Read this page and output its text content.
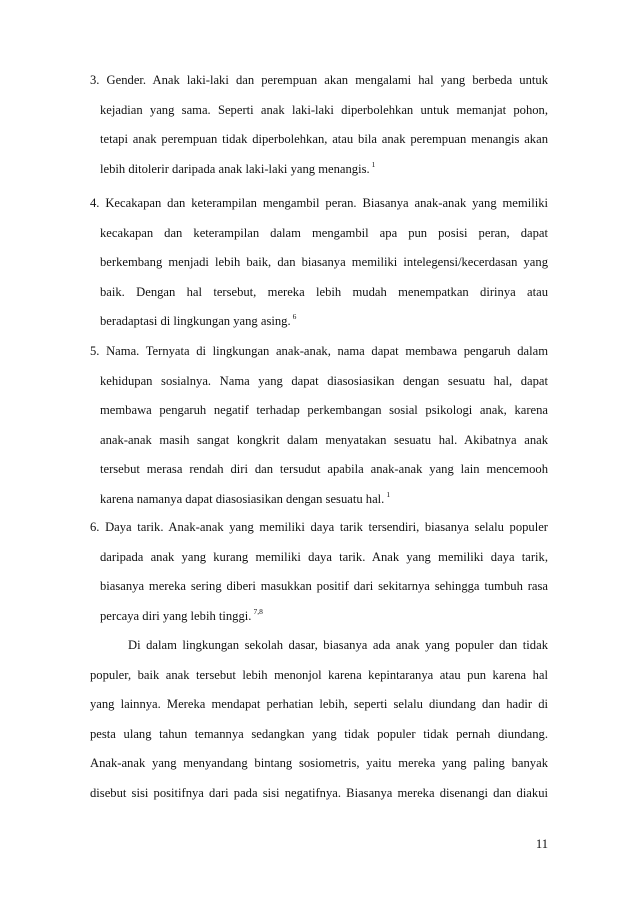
3. Gender. Anak laki-laki dan perempuan akan mengalami hal yang berbeda untuk
kejadian yang sama. Seperti anak laki-laki diperbolehkan untuk memanjat pohon,
tetapi anak perempuan tidak diperbolehkan, atau bila anak perempuan menangis akan
lebih ditolerir daripada anak laki-laki yang menangis. $^1$
4. Kecakapan dan keterampilan mengambil peran. Biasanya anak-anak yang memiliki
kecakapan dan keterampilan dalam mengambil apa pun posisi peran, dapat
berkembang menjadi lebih baik, dan biasanya memiliki intelegensi/kecerdasan yang
baik. Dengan hal tersebut, mereka lebih mudah menempatkan dirinya atau
beradaptasi di lingkungan yang asing. $^6$
5. Nama. Ternyata di lingkungan anak-anak, nama dapat membawa pengaruh dalam
kehidupan sosialnya. Nama yang dapat diasosiasikan dengan sesuatu hal, dapat
membawa pengaruh negatif terhadap perkembangan sosial psikologi anak, karena
anak-anak masih sangat kongkrit dalam menyatakan sesuatu hal. Akibatnya anak
tersebut merasa rendah diri dan tersudut apabila anak-anak yang lain mencemooh
karena namanya dapat diasosiasikan dengan sesuatu hal. $^1$
6. Daya tarik. Anak-anak yang memiliki daya tarik tersendiri, biasanya selalu populer
daripada anak yang kurang memiliki daya tarik. Anak yang memiliki daya tarik,
biasanya mereka sering diberi masukkan positif dari sekitarnya sehingga tumbuh rasa
percaya diri yang lebih tinggi. $^{7,8}$
Di dalam lingkungan sekolah dasar, biasanya ada anak yang populer dan tidak
populer, baik anak tersebut lebih menonjol karena kepintaranya atau pun karena hal
yang lainnya. Mereka mendapat perhatian lebih, seperti selalu diundang dan hadir di
pesta ulang tahun temannya sedangkan yang tidak populer tidak pernah diundang.
Anak-anak yang menyandang bintang sosiometris, yaitu mereka yang paling banyak
disebut sisi positifnya dari pada sisi negatifnya. Biasanya mereka disenangi dan diakui
11
